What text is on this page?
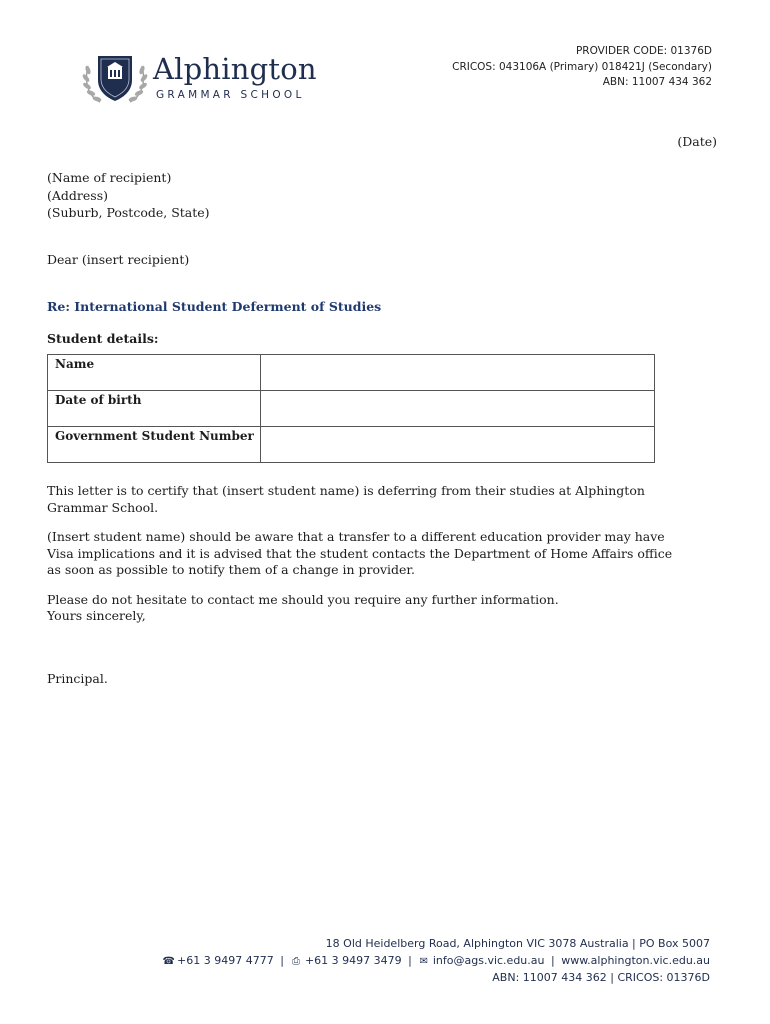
Alphington
GRAMMAR SCHOOL
PROVIDER CODE: 01376D
CRICOS: 043106A (Primary) 018421J (Secondary)
ABN: 11007 434 362
(Date)
(Name of recipient)
(Address)
(Suburb, Postcode, State)
Dear (insert recipient)
Re: International Student Deferment of Studies
Student details:
Name	
Date of birth	
Government Student Number	
This letter is to certify that (insert student name) is deferring from their studies at Alphington Grammar School.
(Insert student name) should be aware that a transfer to a different education provider may have Visa implications and it is advised that the student contacts the Department of Home Affairs office as soon as possible to notify them of a change in provider.
Please do not hesitate to contact me should you require any further information.
Yours sincerely,
Principal.
18 Old Heidelberg Road, Alphington VIC 3078 Australia | PO Box 5007
☎ +61 3 9497 4777 | ⎙ +61 3 9497 3479 | ✉ info@ags.vic.edu.au | www.alphington.vic.edu.au
ABN: 11007 434 362 | CRICOS: 01376D
